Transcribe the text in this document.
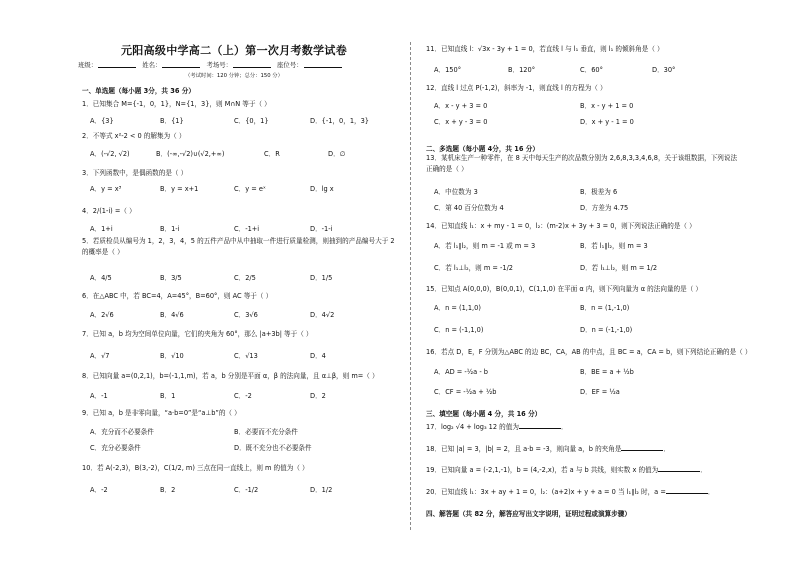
元阳高级中学高二（上）第一次月考数学试卷
班级：	姓名：	考场号：	座位号：
（考试时间：120 分钟；总分：150 分）
一、单选题（每小题 3分，共 36 分）
1．已知集合 M={-1，0，1}，N={1，3}，则 M∩N 等于（ ）
A．{3}	B．{1}	C．{0，1}	D．{-1，0，1，3}
2．不等式 x²-2 < 0 的解集为（ ）
A．(-√2, √2)	B．(-∞,-√2)∪(√2,+∞)	C．R	D．∅
3．下列函数中，是偶函数的是（ ）
A．y = x³	B．y = x+1	C．y = eˣ	D．lg x
4．2/(1-i) =（ ）
A．1+i	B．1-i	C．-1+i	D．-1-i
5．若质检员从编号为 1，2，3，4，5 的五件产品中从中抽取一件进行质量检测，则抽到的产品编号大于 2 的概率是（ ）
A．4/5	B．3/5	C．2/5	D．1/5
6．在△ABC 中，若 BC=4，A=45°，B=60°，则 AC 等于（ ）
A．2√6	B．4√6	C．3√6	D．4√2
7．已知 a，b 均为空间单位向量，它们的夹角为 60°，那么 |a+3b| 等于（ ）
A．√7	B．√10	C．√13	D．4
8．已知向量 a=(0,2,1)，b=(-1,1,m)，若 a，b 分别是平面 α，β 的法向量，且 α⊥β，则 m=（ ）
A．-1	B．1	C．-2	D．2
9．已知 a，b 是非零向量，“a·b=0”是“a⊥b”的（ ）
A．充分而不必要条件	B．必要而不充分条件
C．充分必要条件	D．既不充分也不必要条件
10．若 A(-2,3)，B(3,-2)，C(1/2, m) 三点在同一直线上，则 m 的值为（ ）
A．-2	B．2	C．-1/2	D．1/2
11．已知直线 l：√3x - 3y + 1 = 0，若直线 l 与 l₁ 垂直，则 l₁ 的倾斜角是（ ）
A．150°	B．120°	C．60°	D．30°
12．直线 l 过点 P(-1,2)，斜率为 -1，则直线 l 的方程为（ ）
A．x - y + 3 = 0	B．x - y + 1 = 0
C．x + y - 3 = 0	D．x + y - 1 = 0
二、多选题（每小题 4分，共 16 分）
13．某机床生产一种零件，在 8 天中每天生产的次品数分别为 2,6,8,3,3,4,6,8，关于该组数据，下列说法正确的是（ ）
A．中位数为 3	B．极差为 6
C．第 40 百分位数为 4	D．方差为 4.75
14．已知直线 l₁：x + my - 1 = 0，l₂：(m-2)x + 3y + 3 = 0，则下列说法正确的是（ ）
A．若 l₁∥l₂，则 m = -1 或 m = 3	B．若 l₁∥l₂，则 m = 3
C．若 l₁⊥l₂，则 m = -1/2	D．若 l₁⊥l₂，则 m = 1/2
15．已知点 A(0,0,0)，B(0,0,1)，C(1,1,0) 在平面 α 内，则下列向量为 α 的法向量的是（ ）
A．n = (1,1,0)	B．n = (1,-1,0)
C．n = (-1,1,0)	D．n = (-1,-1,0)
16．若点 D，E，F 分别为△ABC 的边 BC，CA，AB 的中点，且 BC = a，CA = b，则下列结论正确的是（ ）
A．AD = -½a - b	B．BE = a + ½b
C．CF = -½a + ½b	D．EF = ½a
三、填空题（每小题 4 分，共 16 分）
17．log₂ √4 + log₃ 12 的值为	．
18．已知 |a| = 3，|b| = 2，且 a·b = -3，则向量 a，b 的夹角是	．
19．已知向量 a = (-2,1,-1)，b = (4,-2,x)，若 a 与 b 共线，则实数 x 的值为	．
20．已知直线 l₁：3x + ay + 1 = 0，l₂：(a+2)x + y + a = 0 当 l₁∥l₂ 时，a =	．
四、解答题（共 82 分，解答应写出文字说明，证明过程或演算步骤）
